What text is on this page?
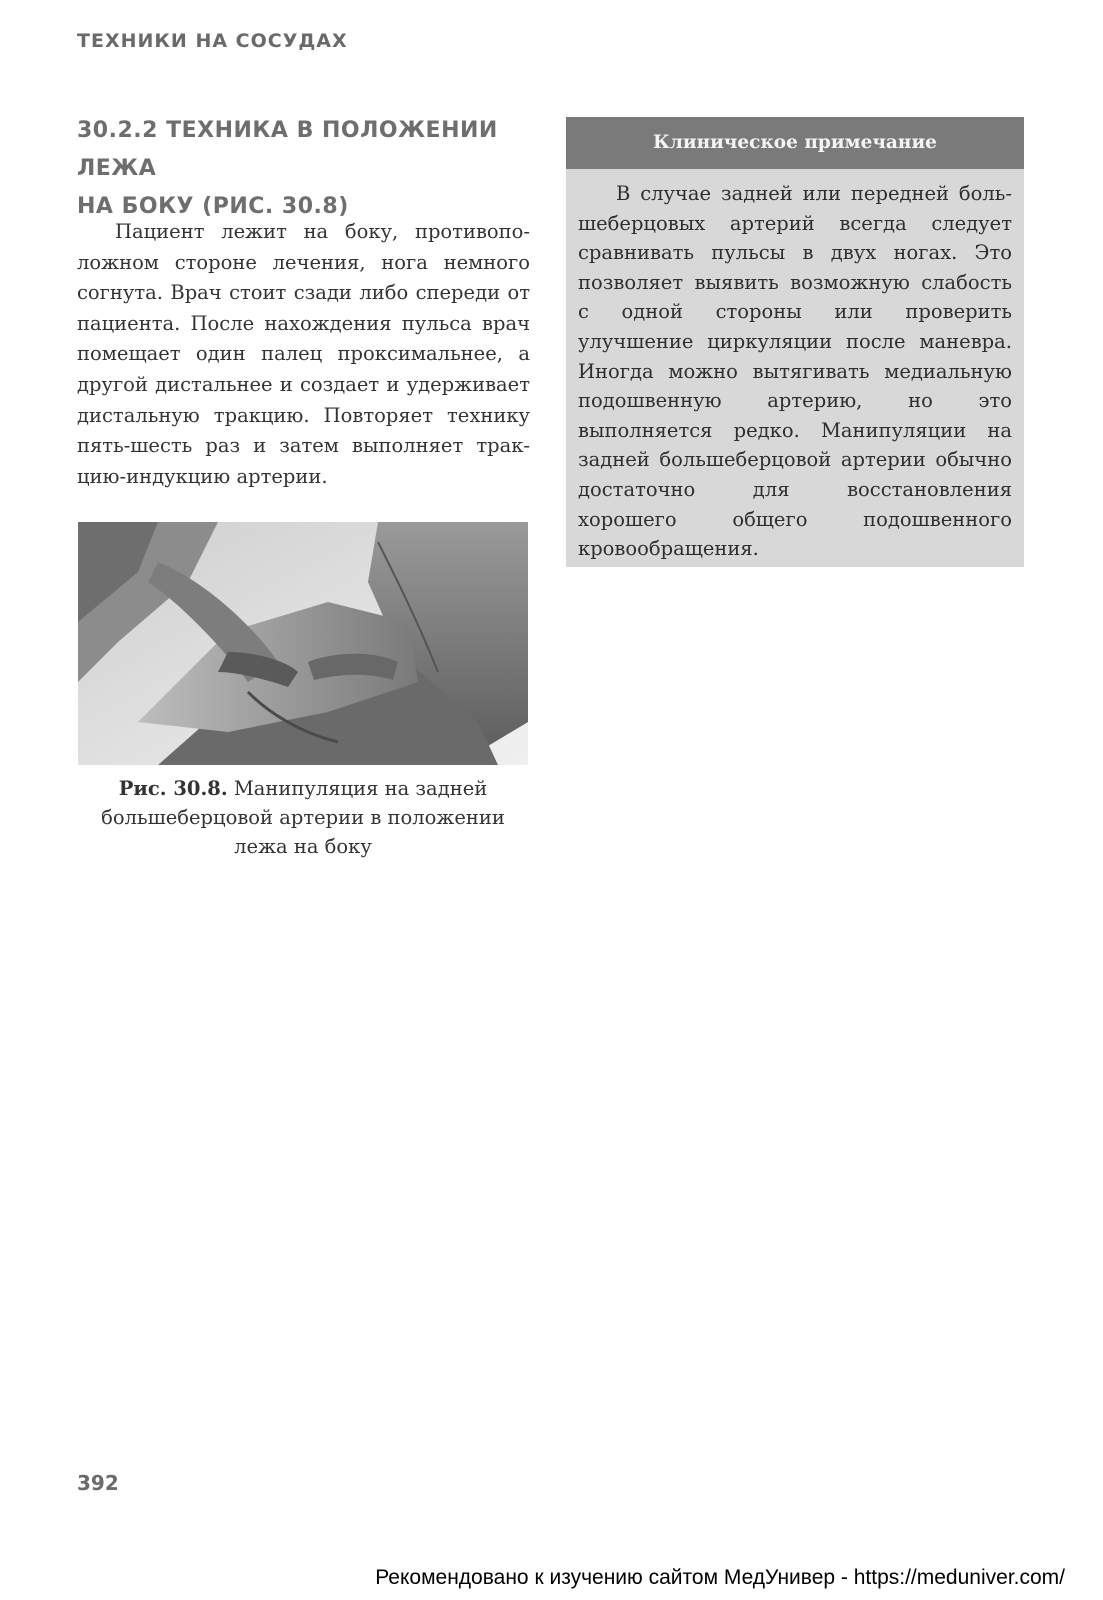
ТЕХНИКИ НА СОСУДАХ
30.2.2 ТЕХНИКА В ПОЛОЖЕНИИ ЛЕЖА
НА БОКУ (РИС. 30.8)

Пациент лежит на боку, противоположном стороне лечения, нога немного согнута. Врач стоит сзади либо спереди от пациента. После нахождения пульса врач помещает один палец проксимальнее, а другой дистальнее и создает и удерживает дистальную тракцию. Повторяет технику пять-шесть раз и затем выполняет тракцию-индукцию артерии.

Рис. 30.8. Манипуляция на задней большеберцовой артерии в положении лежа на боку
Клиническое примечание

В случае задней или передней большеберцовых артерий всегда следует сравнивать пульсы в двух ногах. Это позволяет выявить возможную слабость с одной стороны или проверить улучшение циркуляции после маневра. Иногда можно вытягивать медиальную подошвенную артерию, но это выполняется редко. Манипуляции на задней большеберцовой артерии обычно достаточно для восстановления хорошего общего подошвенного кровообращения.

392
Рекомендовано к изучению сайтом МедУнивер - https://meduniver.com/
